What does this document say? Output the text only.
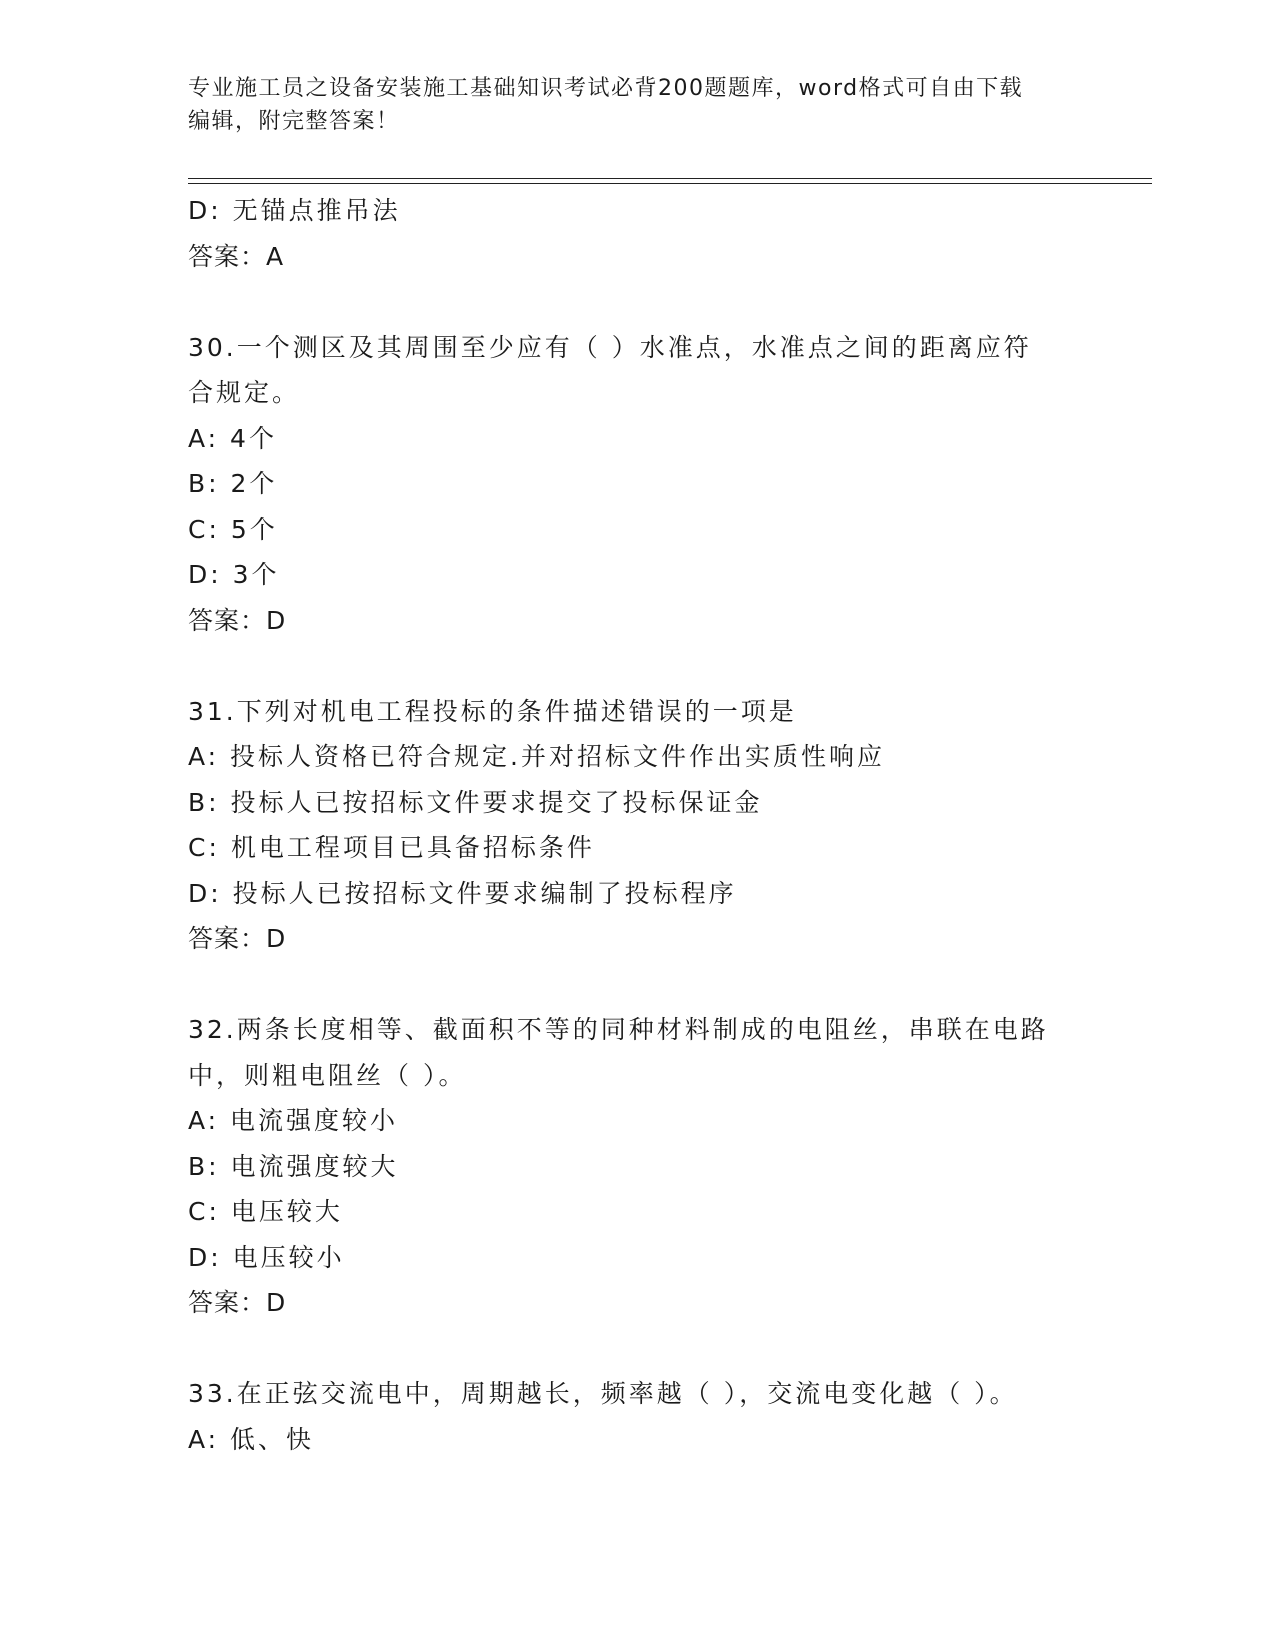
专业施工员之设备安装施工基础知识考试必背200题题库，word格式可自由下载
编辑，附完整答案！
D: 无锚点推吊法
答案：A
30.一个测区及其周围至少应有（ ）水准点，水准点之间的距离应符
合规定。
A: 4个
B: 2个
C: 5个
D: 3个
答案：D
31.下列对机电工程投标的条件描述错误的一项是
A: 投标人资格已符合规定.并对招标文件作出实质性响应
B: 投标人已按招标文件要求提交了投标保证金
C: 机电工程项目已具备招标条件
D: 投标人已按招标文件要求编制了投标程序
答案：D
32.两条长度相等、截面积不等的同种材料制成的电阻丝，串联在电路
中，则粗电阻丝（ ）。
A: 电流强度较小
B: 电流强度较大
C: 电压较大
D: 电压较小
答案：D
33.在正弦交流电中，周期越长，频率越（ ），交流电变化越（ ）。
A: 低、快
